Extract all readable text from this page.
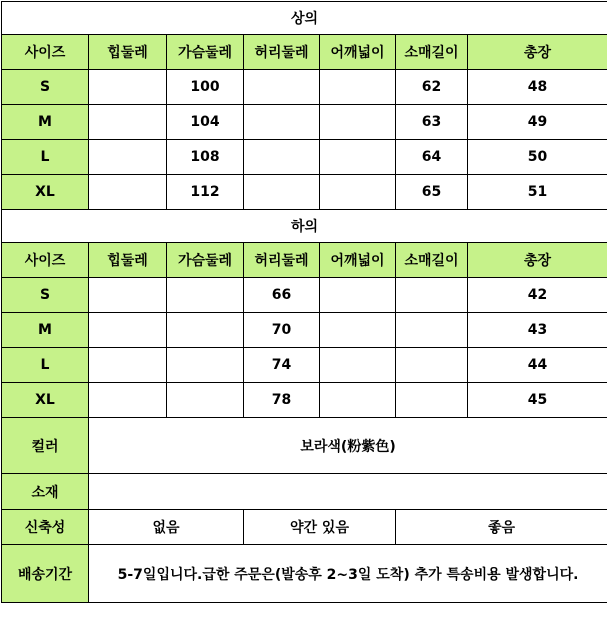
상의						
사이즈	힙둘레	가슴둘레	허리둘레	어깨넓이	소매길이	총장
S		100			62	48
M		104			63	49
L		108			64	50
XL		112			65	51
하의						
사이즈	힙둘레	가슴둘레	허리둘레	어깨넓이	소매길이	총장
S			66			42
M			70			43
L			74			44
XL			78			45
컬러	보라색(粉紫色)					
소재						
신축성	없음		약간 있음		좋음	
배송기간	5-7일입니다.급한 주문은(발송후 2~3일 도착) 추가 특송비용 발생합니다.					
